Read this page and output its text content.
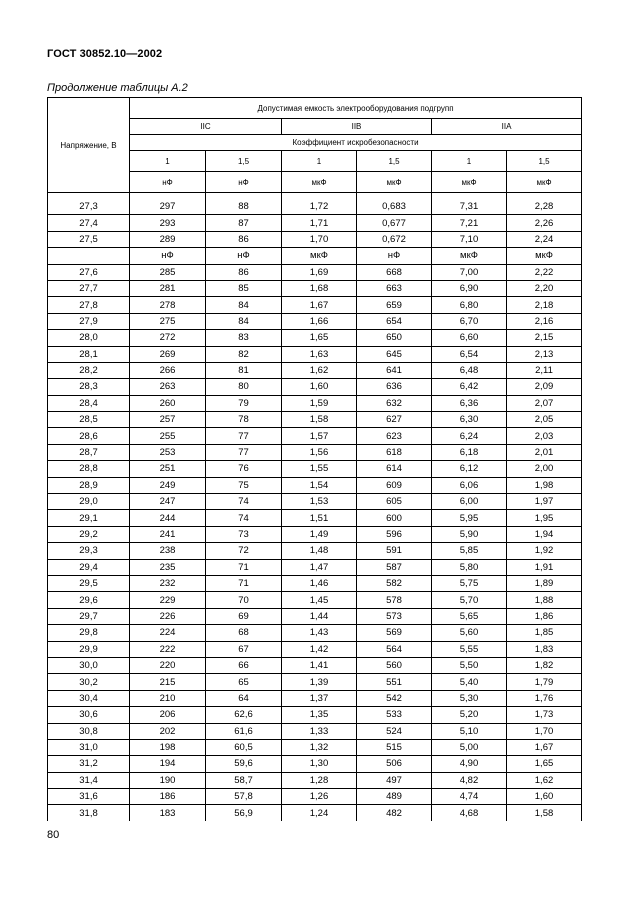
ГОСТ 30852.10—2002
Продолжение таблицы А.2
Напряжение, В	Допустимая емкость электрооборудования подгрупп					
	IIC		IIB		IIA	
	Коэффициент искробезопасности					
	1	1,5	1	1,5	1	1,5
	нФ	нФ	мкФ	мкФ	мкФ	мкФ

27,3	297	88	1,72	0,683	7,31	2,28
27,4	293	87	1,71	0,677	7,21	2,26
27,5	289	86	1,70	0,672	7,10	2,24
	нФ	нФ	мкФ	нФ	мкФ	мкФ
27,6	285	86	1,69	668	7,00	2,22
27,7	281	85	1,68	663	6,90	2,20
27,8	278	84	1,67	659	6,80	2,18
27,9	275	84	1,66	654	6,70	2,16
28,0	272	83	1,65	650	6,60	2,15
28,1	269	82	1,63	645	6,54	2,13
28,2	266	81	1,62	641	6,48	2,11
28,3	263	80	1,60	636	6,42	2,09
28,4	260	79	1,59	632	6,36	2,07
28,5	257	78	1,58	627	6,30	2,05
28,6	255	77	1,57	623	6,24	2,03
28,7	253	77	1,56	618	6,18	2,01
28,8	251	76	1,55	614	6,12	2,00
28,9	249	75	1,54	609	6,06	1,98
29,0	247	74	1,53	605	6,00	1,97
29,1	244	74	1,51	600	5,95	1,95
29,2	241	73	1,49	596	5,90	1,94
29,3	238	72	1,48	591	5,85	1,92
29,4	235	71	1,47	587	5,80	1,91
29,5	232	71	1,46	582	5,75	1,89
29,6	229	70	1,45	578	5,70	1,88
29,7	226	69	1,44	573	5,65	1,86
29,8	224	68	1,43	569	5,60	1,85
29,9	222	67	1,42	564	5,55	1,83
30,0	220	66	1,41	560	5,50	1,82
30,2	215	65	1,39	551	5,40	1,79
30,4	210	64	1,37	542	5,30	1,76
30,6	206	62,6	1,35	533	5,20	1,73
30,8	202	61,6	1,33	524	5,10	1,70
31,0	198	60,5	1,32	515	5,00	1,67
31,2	194	59,6	1,30	506	4,90	1,65
31,4	190	58,7	1,28	497	4,82	1,62
31,6	186	57,8	1,26	489	4,74	1,60
31,8	183	56,9	1,24	482	4,68	1,58
80
